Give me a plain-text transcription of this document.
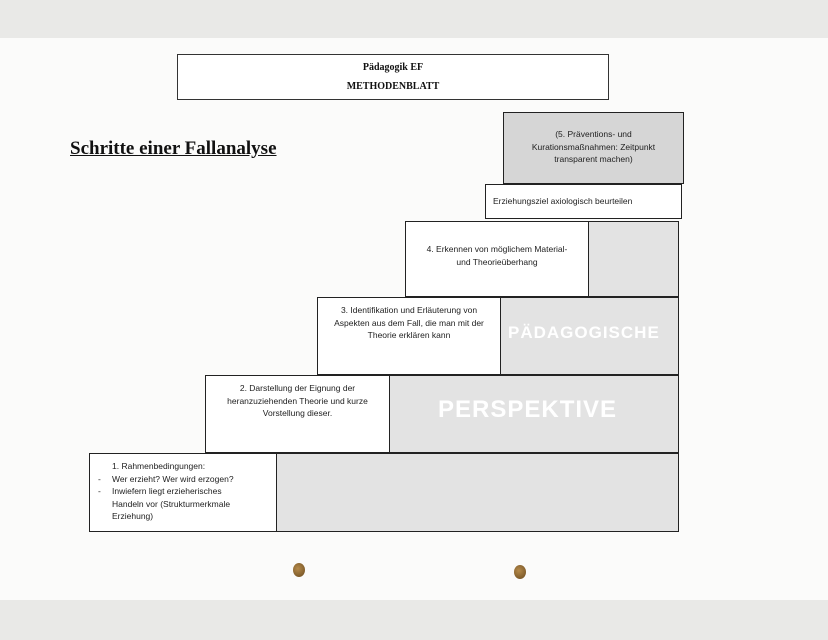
Pädagogik EF
METHODENBLATT
Schritte einer Fallanalyse
(5. Präventions- und
Kurationsmaßnahmen: Zeitpunkt
transparent machen)
Erziehungsziel axiologisch beurteilen
4. Erkennen von möglichem Material-
und Theorieüberhang
3. Identifikation und Erläuterung von
Aspekten aus dem Fall, die man mit der
Theorie erklären kann
2. Darstellung der Eignung der
heranzuziehenden Theorie und kurze
Vorstellung dieser.
1. Rahmenbedingungen:
-	Wer erzieht? Wer wird erzogen?
-	Inwiefern liegt erzieherisches
Handeln vor (Strukturmerkmale
Erziehung)
PÄDAGOGISCHE
PERSPEKTIVE
